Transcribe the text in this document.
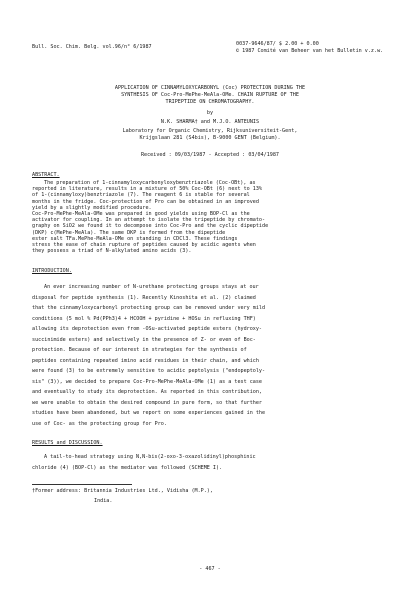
Bull. Soc. Chim. Belg. vol.96/n° 6/1987	0037-9646/87/ $ 2.00 + 0.00
© 1987 Comité van Beheer van het Bulletin v.z.w.

APPLICATION OF CINNAMYLOXYCARBONYL (Coc) PROTECTION DURING THE

SYNTHESIS OF Coc-Pro-MePhe-MeAla-OMe. CHAIN RUPTURE OF THE

TRIPEPTIDE ON CHROMATOGRAPHY.

by
N.K. SHARMA† and M.J.O. ANTEUNIS

Laboratory for Organic Chemistry, Rijksuniversiteit-Gent,

Krijgslaan 281 (S4bis), B-9000 GENT (Belgium).

Received : 09/03/1987 - Accepted : 03/04/1987
ABSTRACT.

The preparation of 1-cinnamyloxycarbonyloxybenztriazole (Coc-OBt), as

reported in literature, results in a mixture of 50% Coc-OBt (6) next to 13%

of 1-(cinnamyloxy)benztriazole (7). The reagent 6 is stable for several

months in the fridge. Coc-protection of Pro can be obtained in an improved

yield by a slightly modified procedure.

Coc-Pro-MePhe-MeAla-OMe was prepared in good yields using BOP-Cl as the

activator for coupling. In an attempt to isolate the tripeptide by chromato-

graphy on SiO2 we found it to decompose into Coc-Pro and the cyclic dipeptide

(DKP) c(MePhe-MeAla). The same DKP is formed from the dipeptide

ester salt TFa.MePhe-MeAla-OMe on standing in CDCl3. These findings

stress the ease of chain rupture of peptides caused by acidic agents when

they possess a triad of N-alkylated amino acids (3).

INTRODUCTION.

An ever increasing number of N-urethane protecting groups stays at our

disposal for peptide synthesis (1). Recently Kinoshita et al. (2) claimed

that the cinnamyloxycarbonyl protecting group can be removed under very mild

conditions (5 mol % Pd(PPh3)4 + HCOOH + pyridine + HOSu in refluxing THF)

allowing its deprotection even from -OSu-activated peptide esters (hydroxy-

succinimide esters) and selectively in the presence of Z- or even of Boc-

protection. Because of our interest in strategies for the synthesis of

peptides containing repeated imino acid residues in their chain, and which

were found (3) to be extremely sensitive to acidic peptolysis ("endopeptoly-

sis" (3)), we decided to prepare Coc-Pro-MePhe-MeAla-OMe (1) as a test case

and eventually to study its deprotection. As reported in this contribution,

we were unable to obtain the desired compound in pure form, so that further

studies have been abandoned, but we report on some experiences gained in the

use of Coc- as the protecting group for Pro.

RESULTS and DISCUSSION.

A tail-to-head strategy using N,N-bis(2-oxo-3-oxazolidinyl)phosphinic

chloride (4) (BOP-Cl) as the mediator was followed (SCHEME I).

†Former address: Britannia Industries Ltd., Vidisha (M.P.),

India.

- 467 -
